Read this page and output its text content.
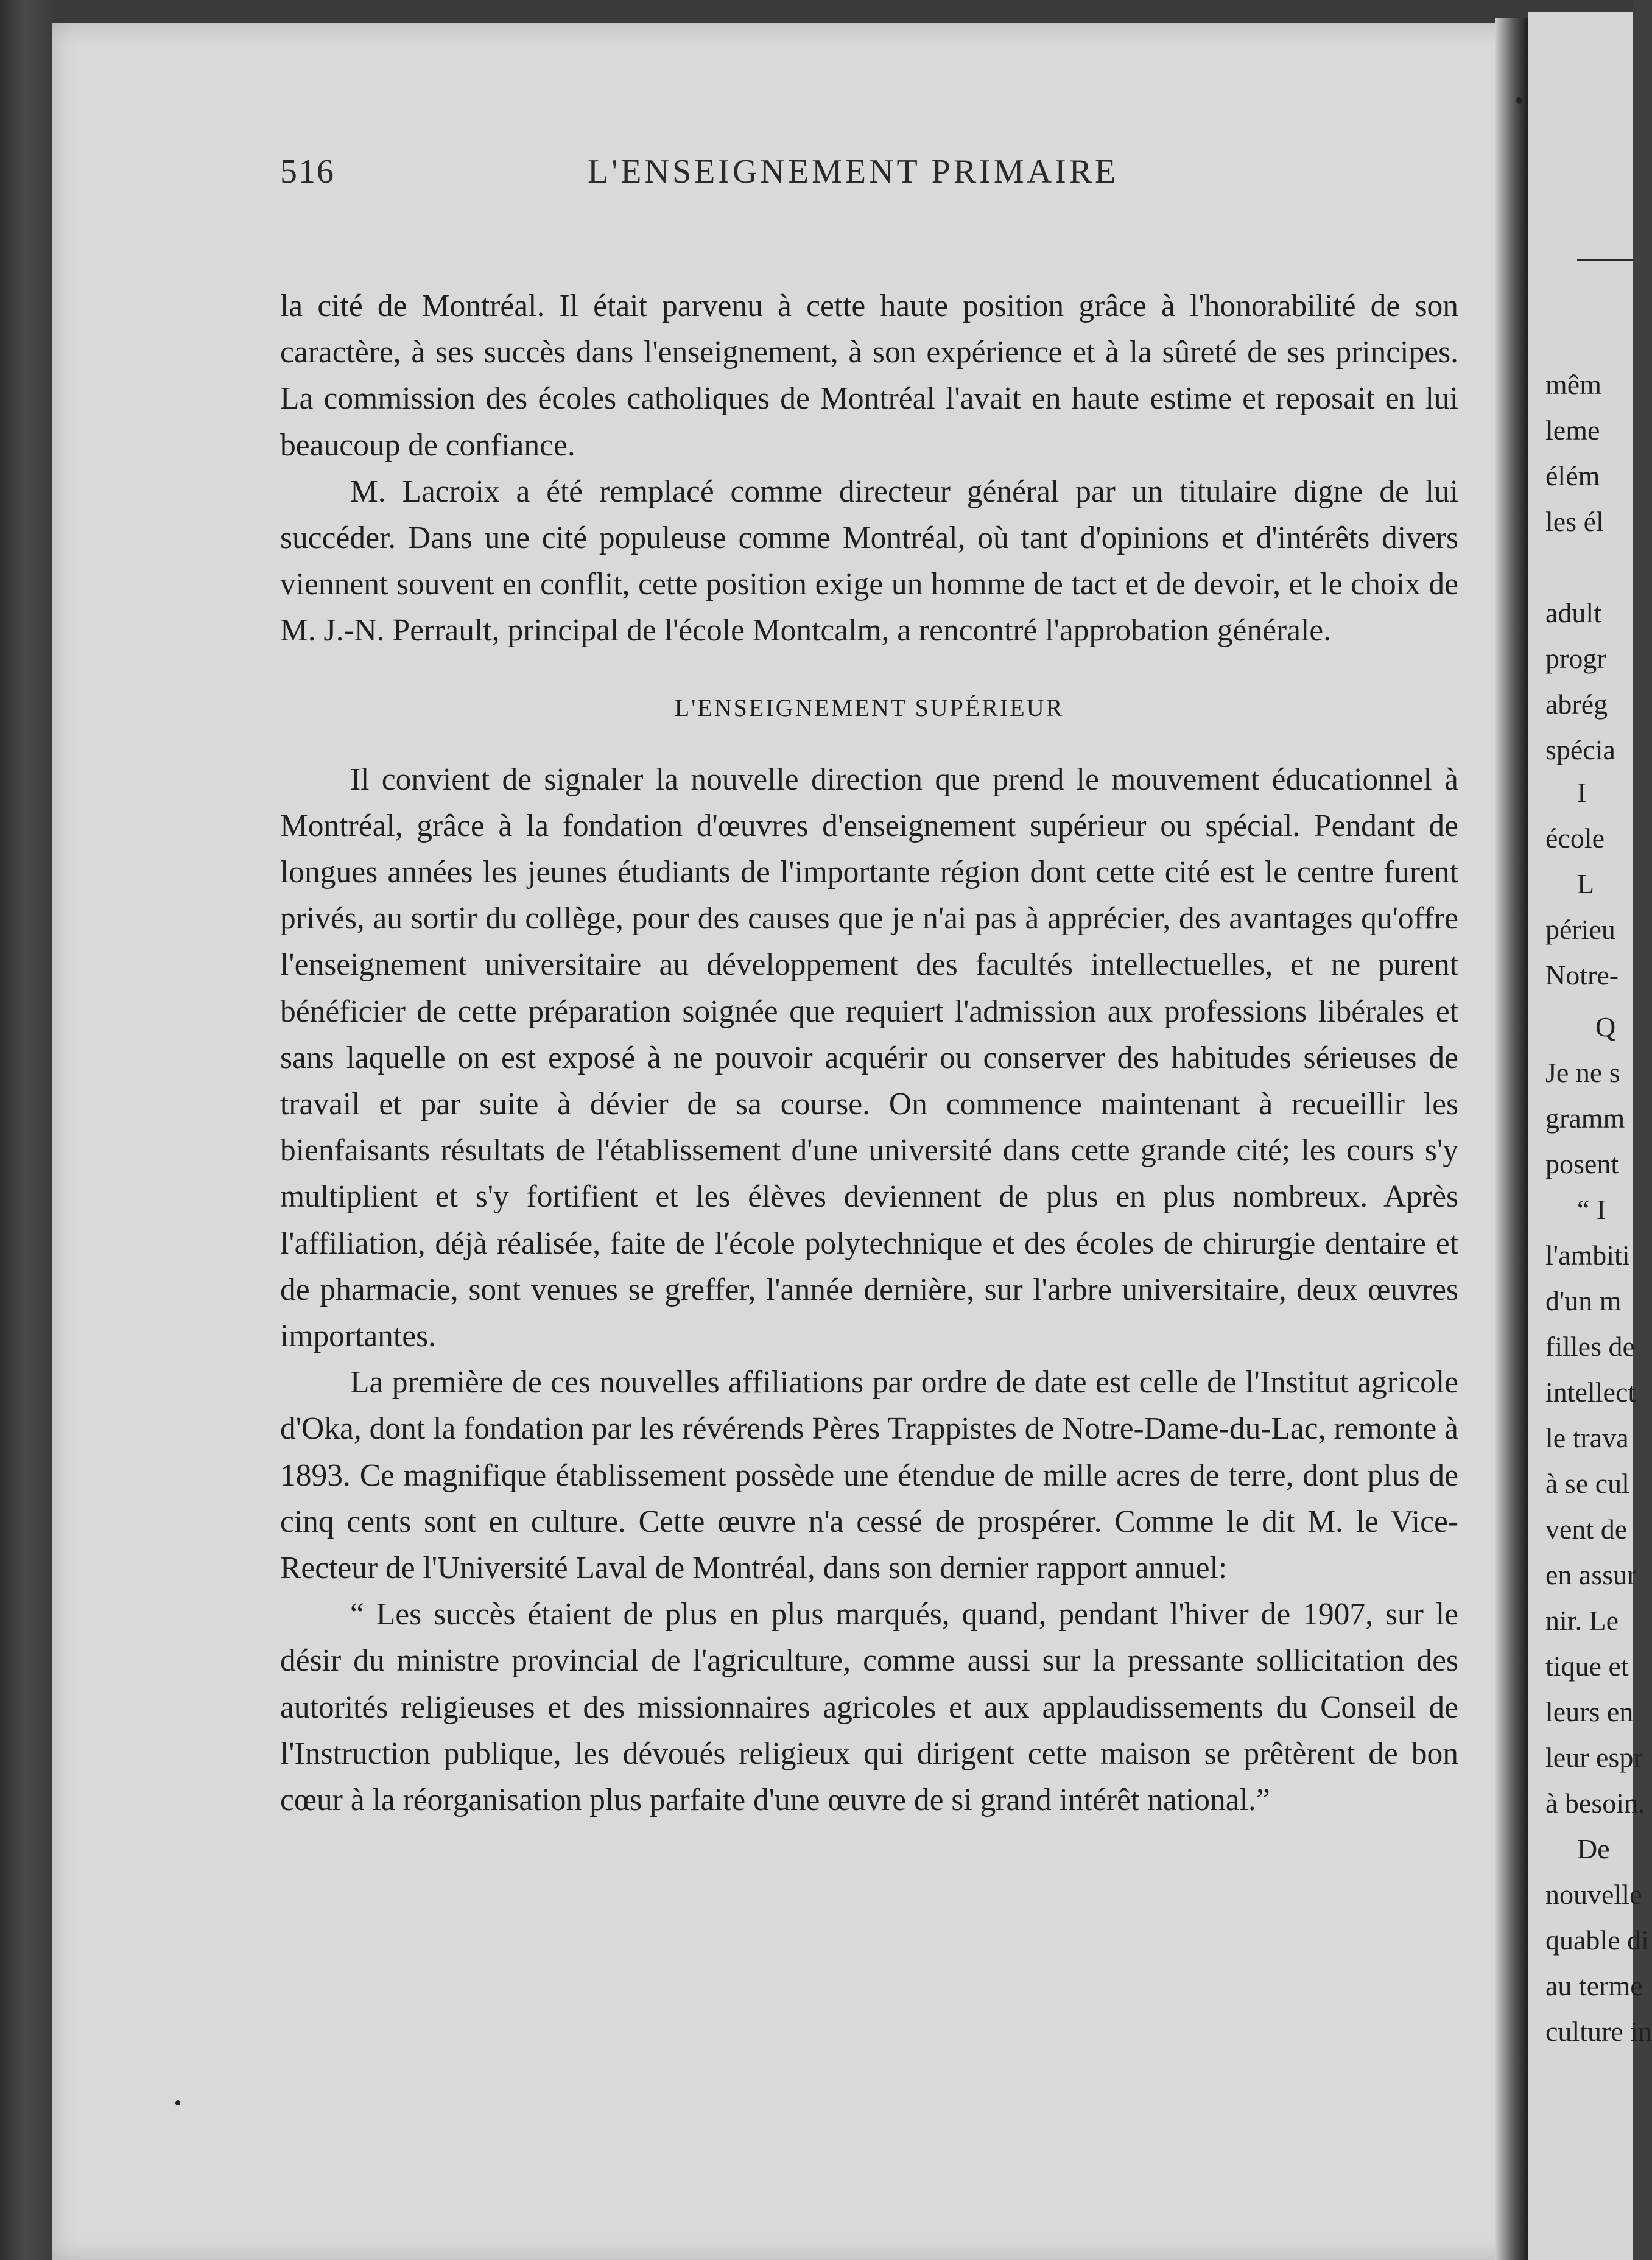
mêm
leme
élém
les él
adult
progr
abrég
spécia
I
école
L
périeu
Notre-
Q
Je ne s
gramm
posent
“ I
l'ambiti
d'un m
filles de
intellect
le trava
à se cul
vent de
en assur
nir. Le
tique et
leurs en
leur espr
à besoin.
De
nouvelle
quable di
au terme
culture in
516	L'ENSEIGNEMENT PRIMAIRE

la cité de Montréal. Il était parvenu à cette haute position grâce à l'honorabilité de son caractère, à ses succès dans l'enseignement, à son expérience et à la sûreté de ses principes. La commission des écoles catholiques de Montréal l'avait en haute estime et reposait en lui beaucoup de confiance.

M. Lacroix a été remplacé comme directeur général par un titulaire digne de lui succéder. Dans une cité populeuse comme Montréal, où tant d'opinions et d'intérêts divers viennent souvent en conflit, cette position exige un homme de tact et de devoir, et le choix de M. J.-N. Perrault, principal de l'école Montcalm, a rencontré l'approbation générale.

L'ENSEIGNEMENT SUPÉRIEUR

Il convient de signaler la nouvelle direction que prend le mouvement éducationnel à Montréal, grâce à la fondation d'œuvres d'enseignement supérieur ou spécial. Pendant de longues années les jeunes étudiants de l'importante région dont cette cité est le centre furent privés, au sortir du collège, pour des causes que je n'ai pas à apprécier, des avantages qu'offre l'enseignement universitaire au développement des facultés intellectuelles, et ne purent bénéficier de cette préparation soignée que requiert l'admission aux professions libérales et sans laquelle on est exposé à ne pouvoir acquérir ou conserver des habitudes sérieuses de travail et par suite à dévier de sa course. On commence maintenant à recueillir les bienfaisants résultats de l'établissement d'une université dans cette grande cité; les cours s'y multiplient et s'y fortifient et les élèves deviennent de plus en plus nombreux. Après l'affiliation, déjà réalisée, faite de l'école polytechnique et des écoles de chirurgie dentaire et de pharmacie, sont venues se greffer, l'année dernière, sur l'arbre universitaire, deux œuvres importantes.

La première de ces nouvelles affiliations par ordre de date est celle de l'Institut agricole d'Oka, dont la fondation par les révérends Pères Trappistes de Notre-Dame-du-Lac, remonte à 1893. Ce magnifique établissement possède une étendue de mille acres de terre, dont plus de cinq cents sont en culture. Cette œuvre n'a cessé de prospérer. Comme le dit M. le Vice-Recteur de l'Université Laval de Montréal, dans son dernier rapport annuel:

“ Les succès étaient de plus en plus marqués, quand, pendant l'hiver de 1907, sur le désir du ministre provincial de l'agriculture, comme aussi sur la pressante sollicitation des autorités religieuses et des missionnaires agricoles et aux applaudissements du Conseil de l'Instruction publique, les dévoués religieux qui dirigent cette maison se prêtèrent de bon cœur à la réorganisation plus parfaite d'une œuvre de si grand intérêt national.”
